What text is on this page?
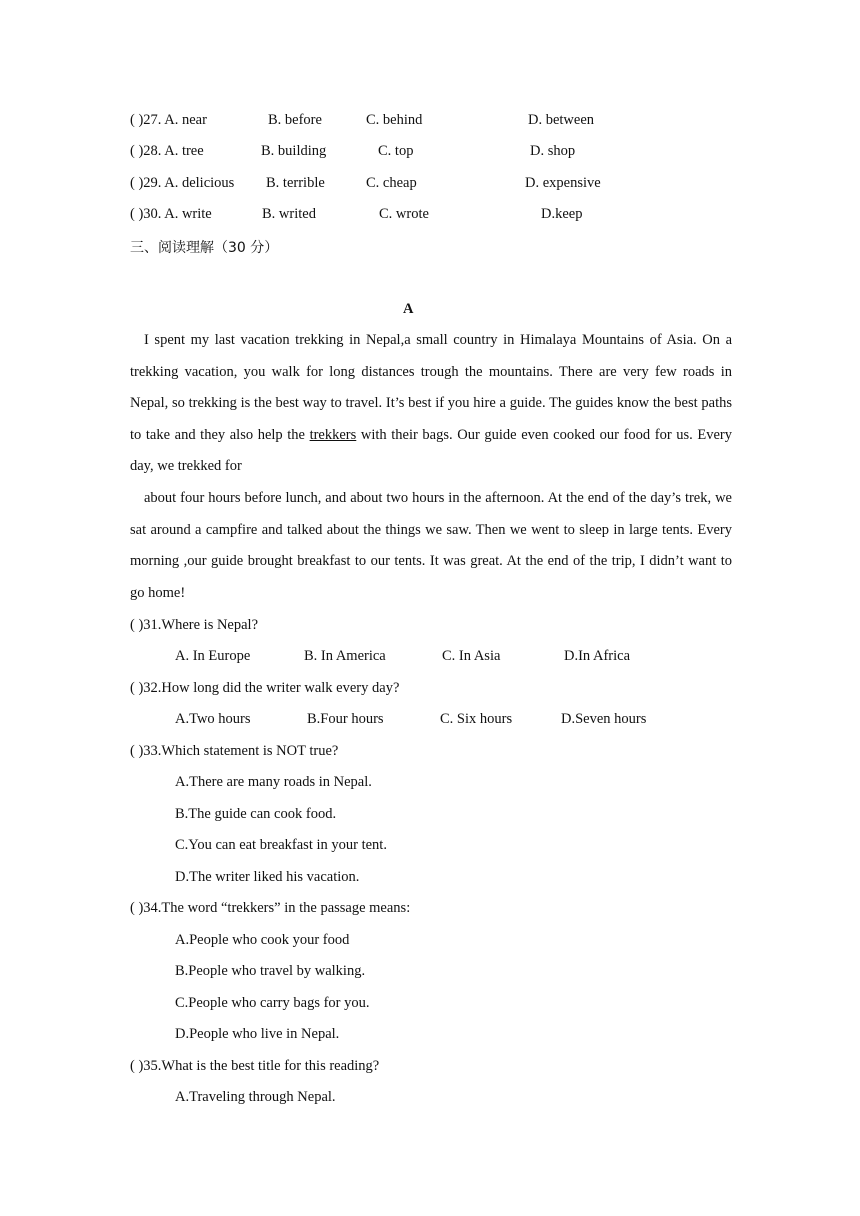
( )27. A. near	B. before	C. behind	D. between
( )28. A. tree	B. building	C. top	D. shop
( )29. A. delicious B. terrible	C. cheap	D. expensive
( )30. A. write	B. writed	C. wrote	D.keep
三、阅读理解（30 分）
A

I spent my last vacation trekking in Nepal,a small country in Himalaya Mountains of Asia. On a trekking vacation, you walk for long distances trough the mountains. There are very few roads in Nepal, so trekking is the best way to travel. It’s best if you hire a guide. The guides know the best paths to take and they also help the trekkers with their bags. Our guide even cooked our food for us. Every day, we trekked for

about four hours before lunch, and about two hours in the afternoon. At the end of the day’s trek, we sat around a campfire and talked about the things we saw. Then we went to sleep in large tents. Every morning ,our guide brought breakfast to our tents. It was great. At the end of the trip, I didn’t want to go home!

( )31.Where is Nepal?
A. In Europe	B. In America	C. In Asia	D.In Africa
( )32.How long did the writer walk every day?
A.Two hours	B.Four hours	C. Six hours	D.Seven hours
( )33.Which statement is NOT true?
A.There are many roads in Nepal.
B.The guide can cook food.
C.You can eat breakfast in your tent.
D.The writer liked his vacation.
( )34.The word “trekkers” in the passage means:
A.People who cook your food
B.People who travel by walking.
C.People who carry bags for you.
D.People who live in Nepal.
( )35.What is the best title for this reading?
A.Traveling through Nepal.
